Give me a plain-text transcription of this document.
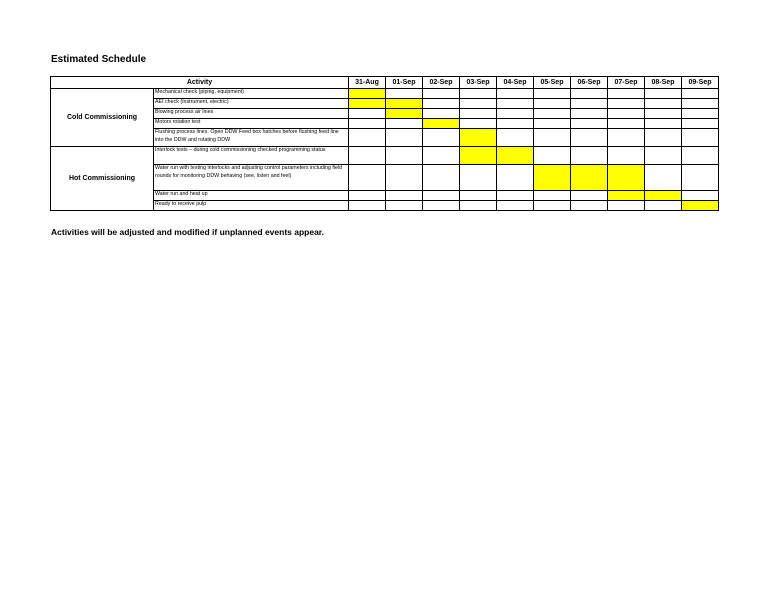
Estimated Schedule
Activity		31-Aug	01-Sep	02-Sep	03-Sep	04-Sep	05-Sep	06-Sep	07-Sep	08-Sep	09-Sep
Cold Commissioning	Mechanical check (piping, equipment)										
	AEI check (Instrument, electric)										
	Blowing process air lines										
	Motors rotation test										
	Flushing process lines. Open DDW Feed box hatches before flushing feed line into the DDW and rotating DDW										
Hot Commissioning	Interlock tests – during cold commissioning checked programming status										
	Water run with testing interlocks and adjusting control parameters including field rounds for monitoring DDW behaving (see, listen and feel)										
	Water run and heat up										
	Ready to receive pulp										
Activities will be adjusted and modified if unplanned events appear.
